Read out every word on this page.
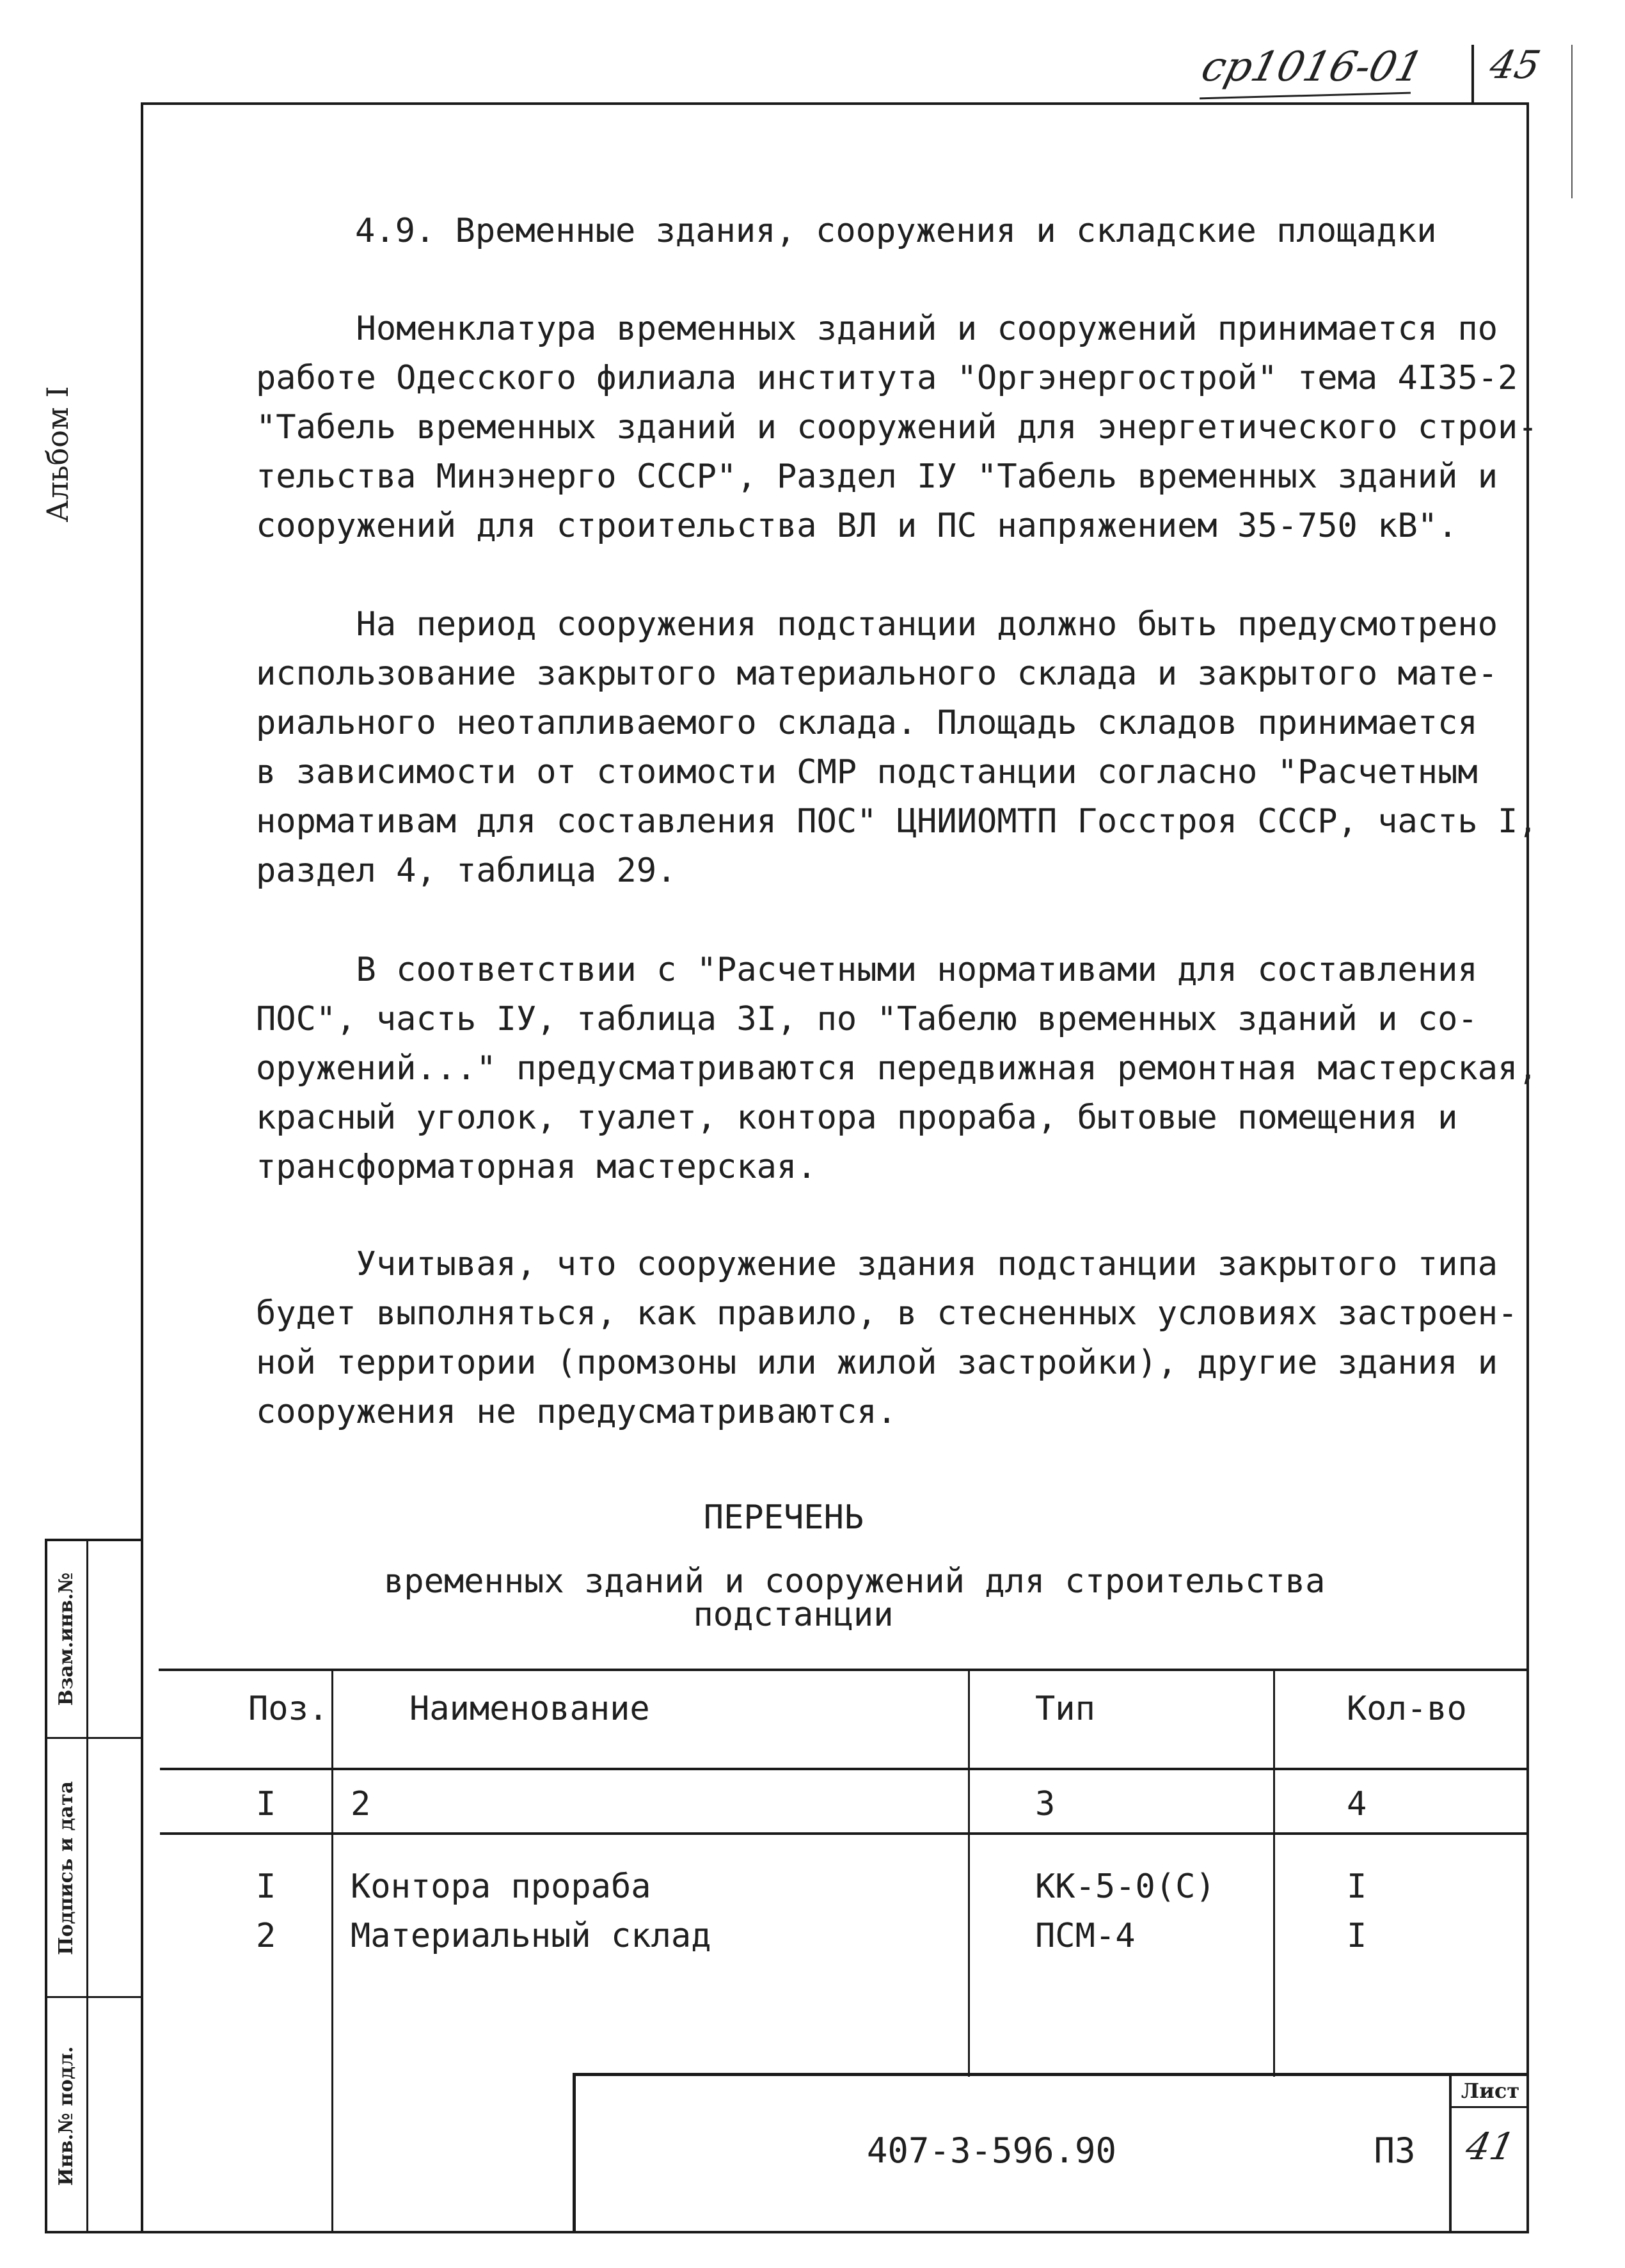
ср1016-01 45
Альбом I
Взам.инв.№
Подпись и дата
Инв.№ подл.
4.9. Временные здания, сооружения и складские площадки
Номенклатура временных зданий и сооружений принимается по
работе Одесского филиала института "Оргэнергострой" тема 4I35-2
"Табель временных зданий и сооружений для энергетического строи-
тельства Минэнерго СССР", Раздел IУ "Табель временных зданий и
сооружений для строительства ВЛ и ПС напряжением 35-750 кВ".
На период сооружения подстанции должно быть предусмотрено
использование закрытого материального склада и закрытого мате-
риального неотапливаемого склада. Площадь складов принимается
в зависимости от стоимости СМР подстанции согласно "Расчетным
нормативам для составления ПОС" ЦНИИОМТП Госстроя СССР, часть I,
раздел 4, таблица 29.
В соответствии с "Расчетными нормативами для составления
ПОС", часть IУ, таблица 3I, по "Табелю временных зданий и со-
оружений..." предусматриваются передвижная ремонтная мастерская,
красный уголок, туалет, контора прораба, бытовые помещения и
трансформаторная мастерская.
Учитывая, что сооружение здания подстанции закрытого типа
будет выполняться, как правило, в стесненных условиях застроен-
ной территории (промзоны или жилой застройки), другие здания и
сооружения не предусматриваются.
ПЕРЕЧЕНЬ
временных зданий и сооружений для строительства
подстанции
Поз. Наименование	Тип	Кол-во
I 2	3	4
I Контора прораба	КК-5-0(С)	I
2 Материальный склад	ПСМ-4	I
407-3-596.90	ПЗ
Лист
41
